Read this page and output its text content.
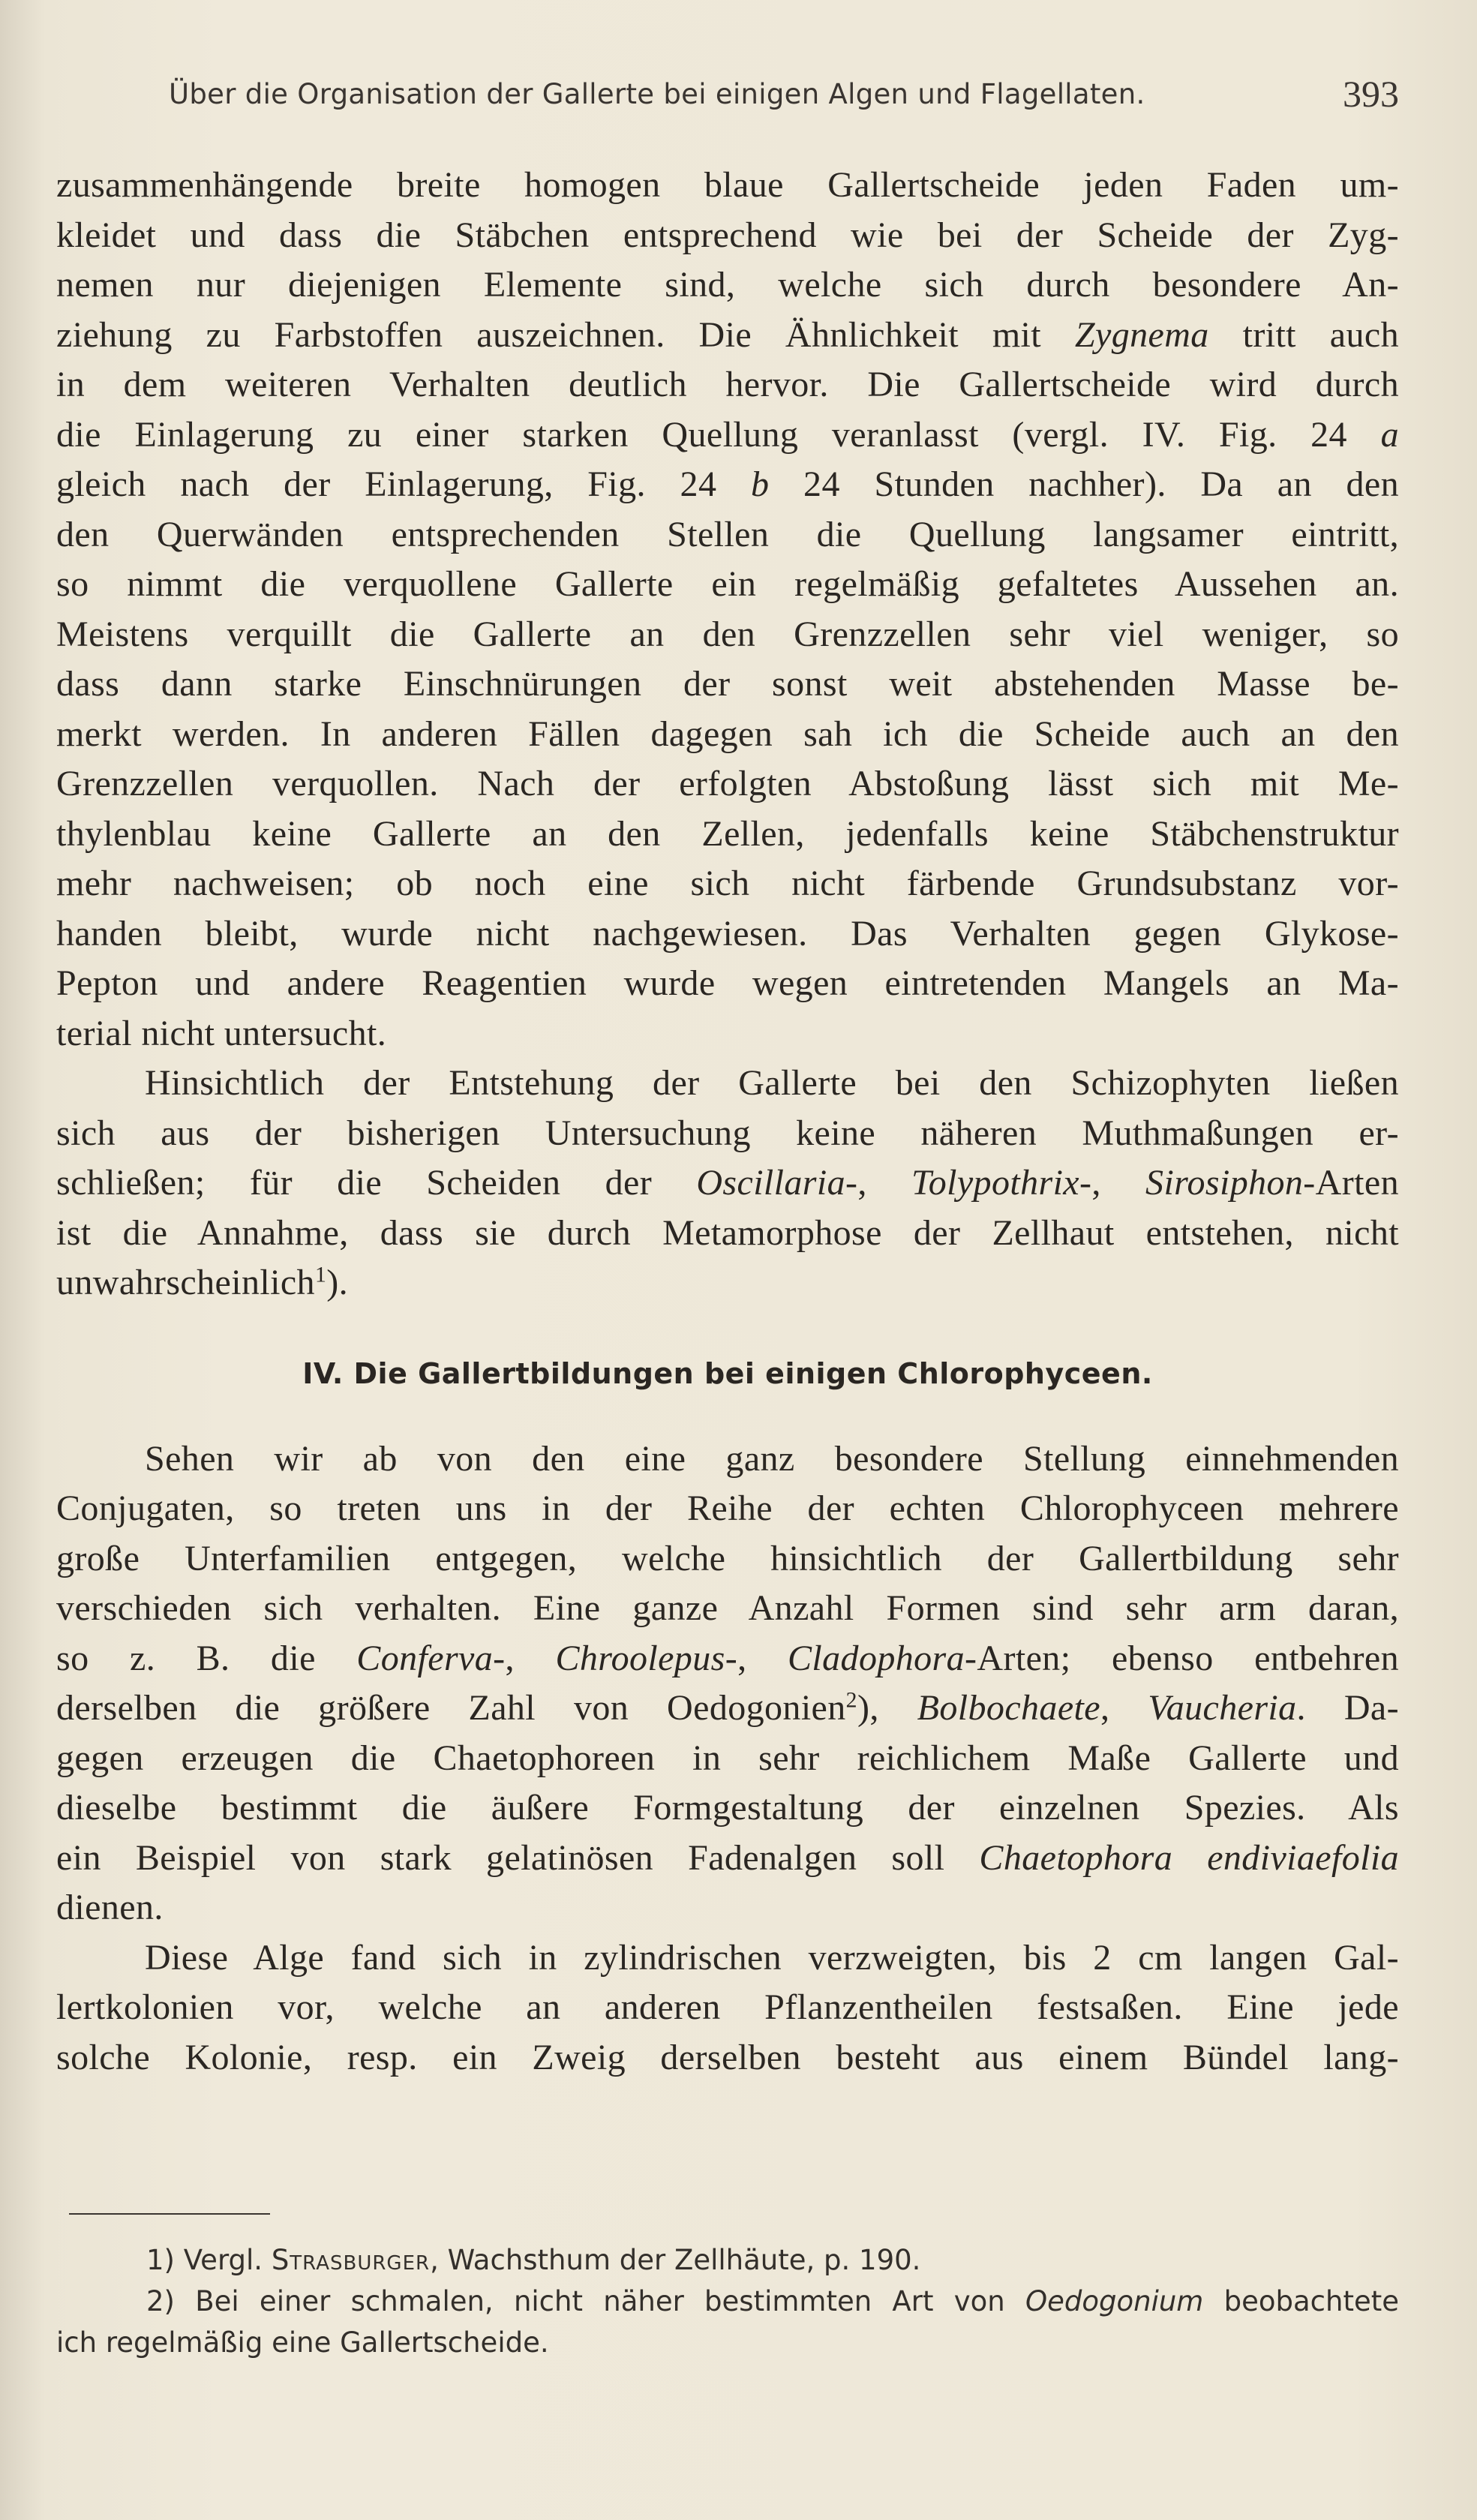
Über die Organisation der Gallerte bei einigen Algen und Flagellaten.	393
zusammenhängende breite homogen blaue Gallertscheide jeden Faden um-
kleidet und dass die Stäbchen entsprechend wie bei der Scheide der Zyg-
nemen nur diejenigen Elemente sind, welche sich durch besondere An-
ziehung zu Farbstoffen auszeichnen. Die Ähnlichkeit mit Zygnema tritt auch
in dem weiteren Verhalten deutlich hervor. Die Gallertscheide wird durch
die Einlagerung zu einer starken Quellung veranlasst (vergl. IV. Fig. 24 a
gleich nach der Einlagerung, Fig. 24 b 24 Stunden nachher). Da an den
den Querwänden entsprechenden Stellen die Quellung langsamer eintritt,
so nimmt die verquollene Gallerte ein regelmäßig gefaltetes Aussehen an.
Meistens verquillt die Gallerte an den Grenzzellen sehr viel weniger, so
dass dann starke Einschnürungen der sonst weit abstehenden Masse be-
merkt werden. In anderen Fällen dagegen sah ich die Scheide auch an den
Grenzzellen verquollen. Nach der erfolgten Abstoßung lässt sich mit Me-
thylenblau keine Gallerte an den Zellen, jedenfalls keine Stäbchenstruktur
mehr nachweisen; ob noch eine sich nicht färbende Grundsubstanz vor-
handen bleibt, wurde nicht nachgewiesen. Das Verhalten gegen Glykose-
Pepton und andere Reagentien wurde wegen eintretenden Mangels an Ma-
terial nicht untersucht.
Hinsichtlich der Entstehung der Gallerte bei den Schizophyten ließen
sich aus der bisherigen Untersuchung keine näheren Muthmaßungen er-
schließen; für die Scheiden der Oscillaria-, Tolypothrix-, Sirosiphon-Arten
ist die Annahme, dass sie durch Metamorphose der Zellhaut entstehen, nicht
unwahrscheinlich$^1$).
IV. Die Gallertbildungen bei einigen Chlorophyceen.
Sehen wir ab von den eine ganz besondere Stellung einnehmenden
Conjugaten, so treten uns in der Reihe der echten Chlorophyceen mehrere
große Unterfamilien entgegen, welche hinsichtlich der Gallertbildung sehr
verschieden sich verhalten. Eine ganze Anzahl Formen sind sehr arm daran,
so z. B. die Conferva-, Chroolepus-, Cladophora-Arten; ebenso entbehren
derselben die größere Zahl von Oedogonien$^2$), Bolbochaete, Vaucheria. Da-
gegen erzeugen die Chaetophoreen in sehr reichlichem Maße Gallerte und
dieselbe bestimmt die äußere Formgestaltung der einzelnen Spezies. Als
ein Beispiel von stark gelatinösen Fadenalgen soll Chaetophora endiviaefolia
dienen.
Diese Alge fand sich in zylindrischen verzweigten, bis 2 cm langen Gal-
lertkolonien vor, welche an anderen Pflanzentheilen festsaßen. Eine jede
solche Kolonie, resp. ein Zweig derselben besteht aus einem Bündel lang-
1) Vergl. Strasburger, Wachsthum der Zellhäute, p. 190.
2) Bei einer schmalen, nicht näher bestimmten Art von Oedogonium beobachtete
ich regelmäßig eine Gallertscheide.
